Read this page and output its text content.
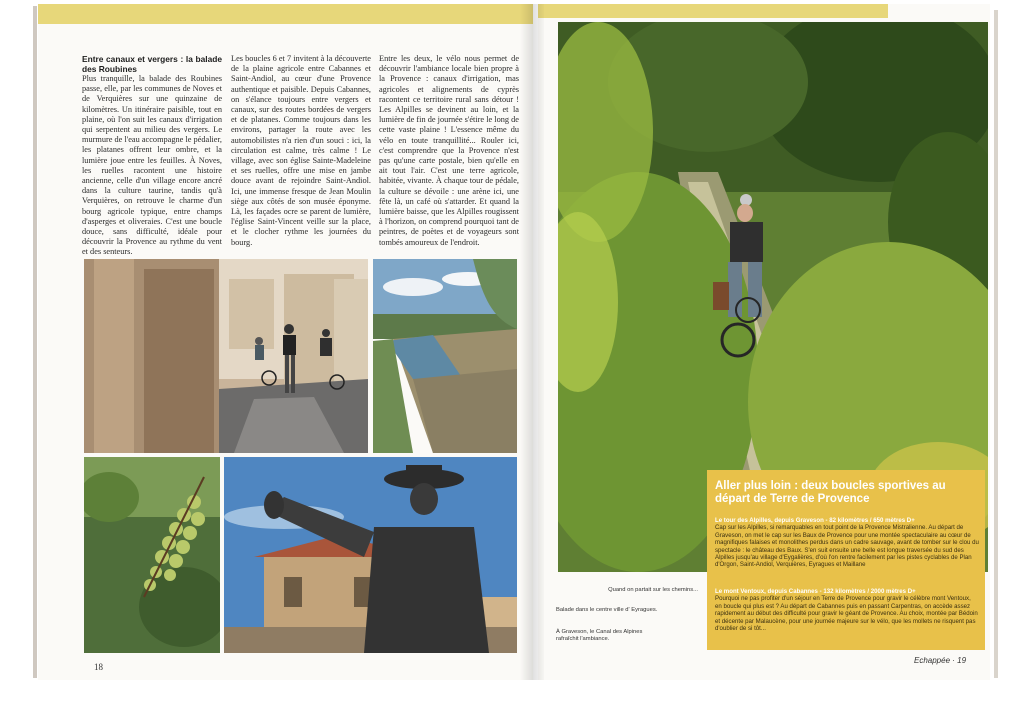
Entre canaux et vergers : la balade des Roubines

Plus tranquille, la balade des Roubines passe, elle, par les communes de Noves et de Verquières sur une quinzaine de kilomètres. Un itinéraire paisible, tout en plaine, où l'on suit les canaux d'irrigation qui serpentent au milieu des vergers. Le murmure de l'eau accompagne le pédalier, les platanes offrent leur ombre, et la lumière joue entre les feuilles. À Noves, les ruelles racontent une histoire ancienne, celle d'un village encore ancré dans la culture taurine, tandis qu'à Verquières, on retrouve le charme d'un bourg agricole typique, entre champs d'asperges et oliveraies. C'est une boucle douce, sans difficulté, idéale pour découvrir la Provence au rythme du vent et des senteurs.

Les boucles 6 et 7 invitent à la découverte de la plaine agricole entre Cabannes et Saint-Andiol, au cœur d'une Provence authentique et paisible. Depuis Cabannes, on s'élance toujours entre vergers et canaux, sur des routes bordées de vergers et de platanes. Comme toujours dans les environs, partager la route avec les automobilistes n'a rien d'un souci : ici, la circulation est calme, très calme ! Le village, avec son église Sainte-Madeleine et ses ruelles, offre une mise en jambe douce avant de rejoindre Saint-Andiol. Ici, une immense fresque de Jean Moulin siège aux côtés de son musée éponyme. Là, les façades ocre se parent de lumière, l'église Saint-Vincent veille sur la place, et le clocher rythme les journées du bourg.

Entre les deux, le vélo nous permet de découvrir l'ambiance locale bien propre à la Provence : canaux d'irrigation, mas agricoles et alignements de cyprès racontent ce territoire rural sans détour ! Les Alpilles se devinent au loin, et la lumière de fin de journée s'étire le long de cette vaste plaine ! L'essence même du vélo en toute tranquillité... Rouler ici, c'est comprendre que la Provence n'est pas qu'une carte postale, bien qu'elle en ait tout l'air. C'est une terre agricole, habitée, vivante. À chaque tour de pédale, la culture se dévoile : une arène ici, une fête là, un café où s'attarder. Et quand la lumière baisse, que les Alpilles rougissent à l'horizon, on comprend pourquoi tant de peintres, de poètes et de voyageurs sont tombés amoureux de l'endroit.

18
Quand on partait sur les chemins...
Balade dans le centre ville d' Eyragues.
À Graveson, le Canal des Alpines rafraîchit l'ambiance.
Echappée · 19
Aller plus loin : deux boucles sportives au départ de Terre de Provence
Le tour des Alpilles, depuis Graveson - 82 kilomètres / 650 mètres D+
Cap sur les Alpilles, si remarquables en tout point de la Provence Mistralienne. Au départ de Graveson, on met le cap sur les Baux de Provence pour une montée spectaculaire au cœur de magnifiques falaises et monolithes perdus dans un cadre sauvage, avant de tomber sur le clou du spectacle : le château des Baux. S'en suit ensuite une belle est longue traversée du sud des Alpilles jusqu'au village d'Eygalières, d'où l'on rentre facilement par les pistes cyclables de Plan d'Orgon, Saint-Andiol, Verquières, Eyragues et Maillane
Le mont Ventoux, depuis Cabannes - 132 kilomètres / 2000 mètres D+
Pourquoi ne pas profiter d'un séjour en Terre de Provence pour gravir le célèbre mont Ventoux, en boucle qui plus est ? Au départ de Cabannes puis en passant Carpentras, on accède assez rapidement au début des difficulté pour gravir le géant de Provence. Au choix, montée par Bédoin et décente par Malaucène, pour une journée majeure sur le vélo, que les mollets ne risquent pas d'oublier de si tôt...
